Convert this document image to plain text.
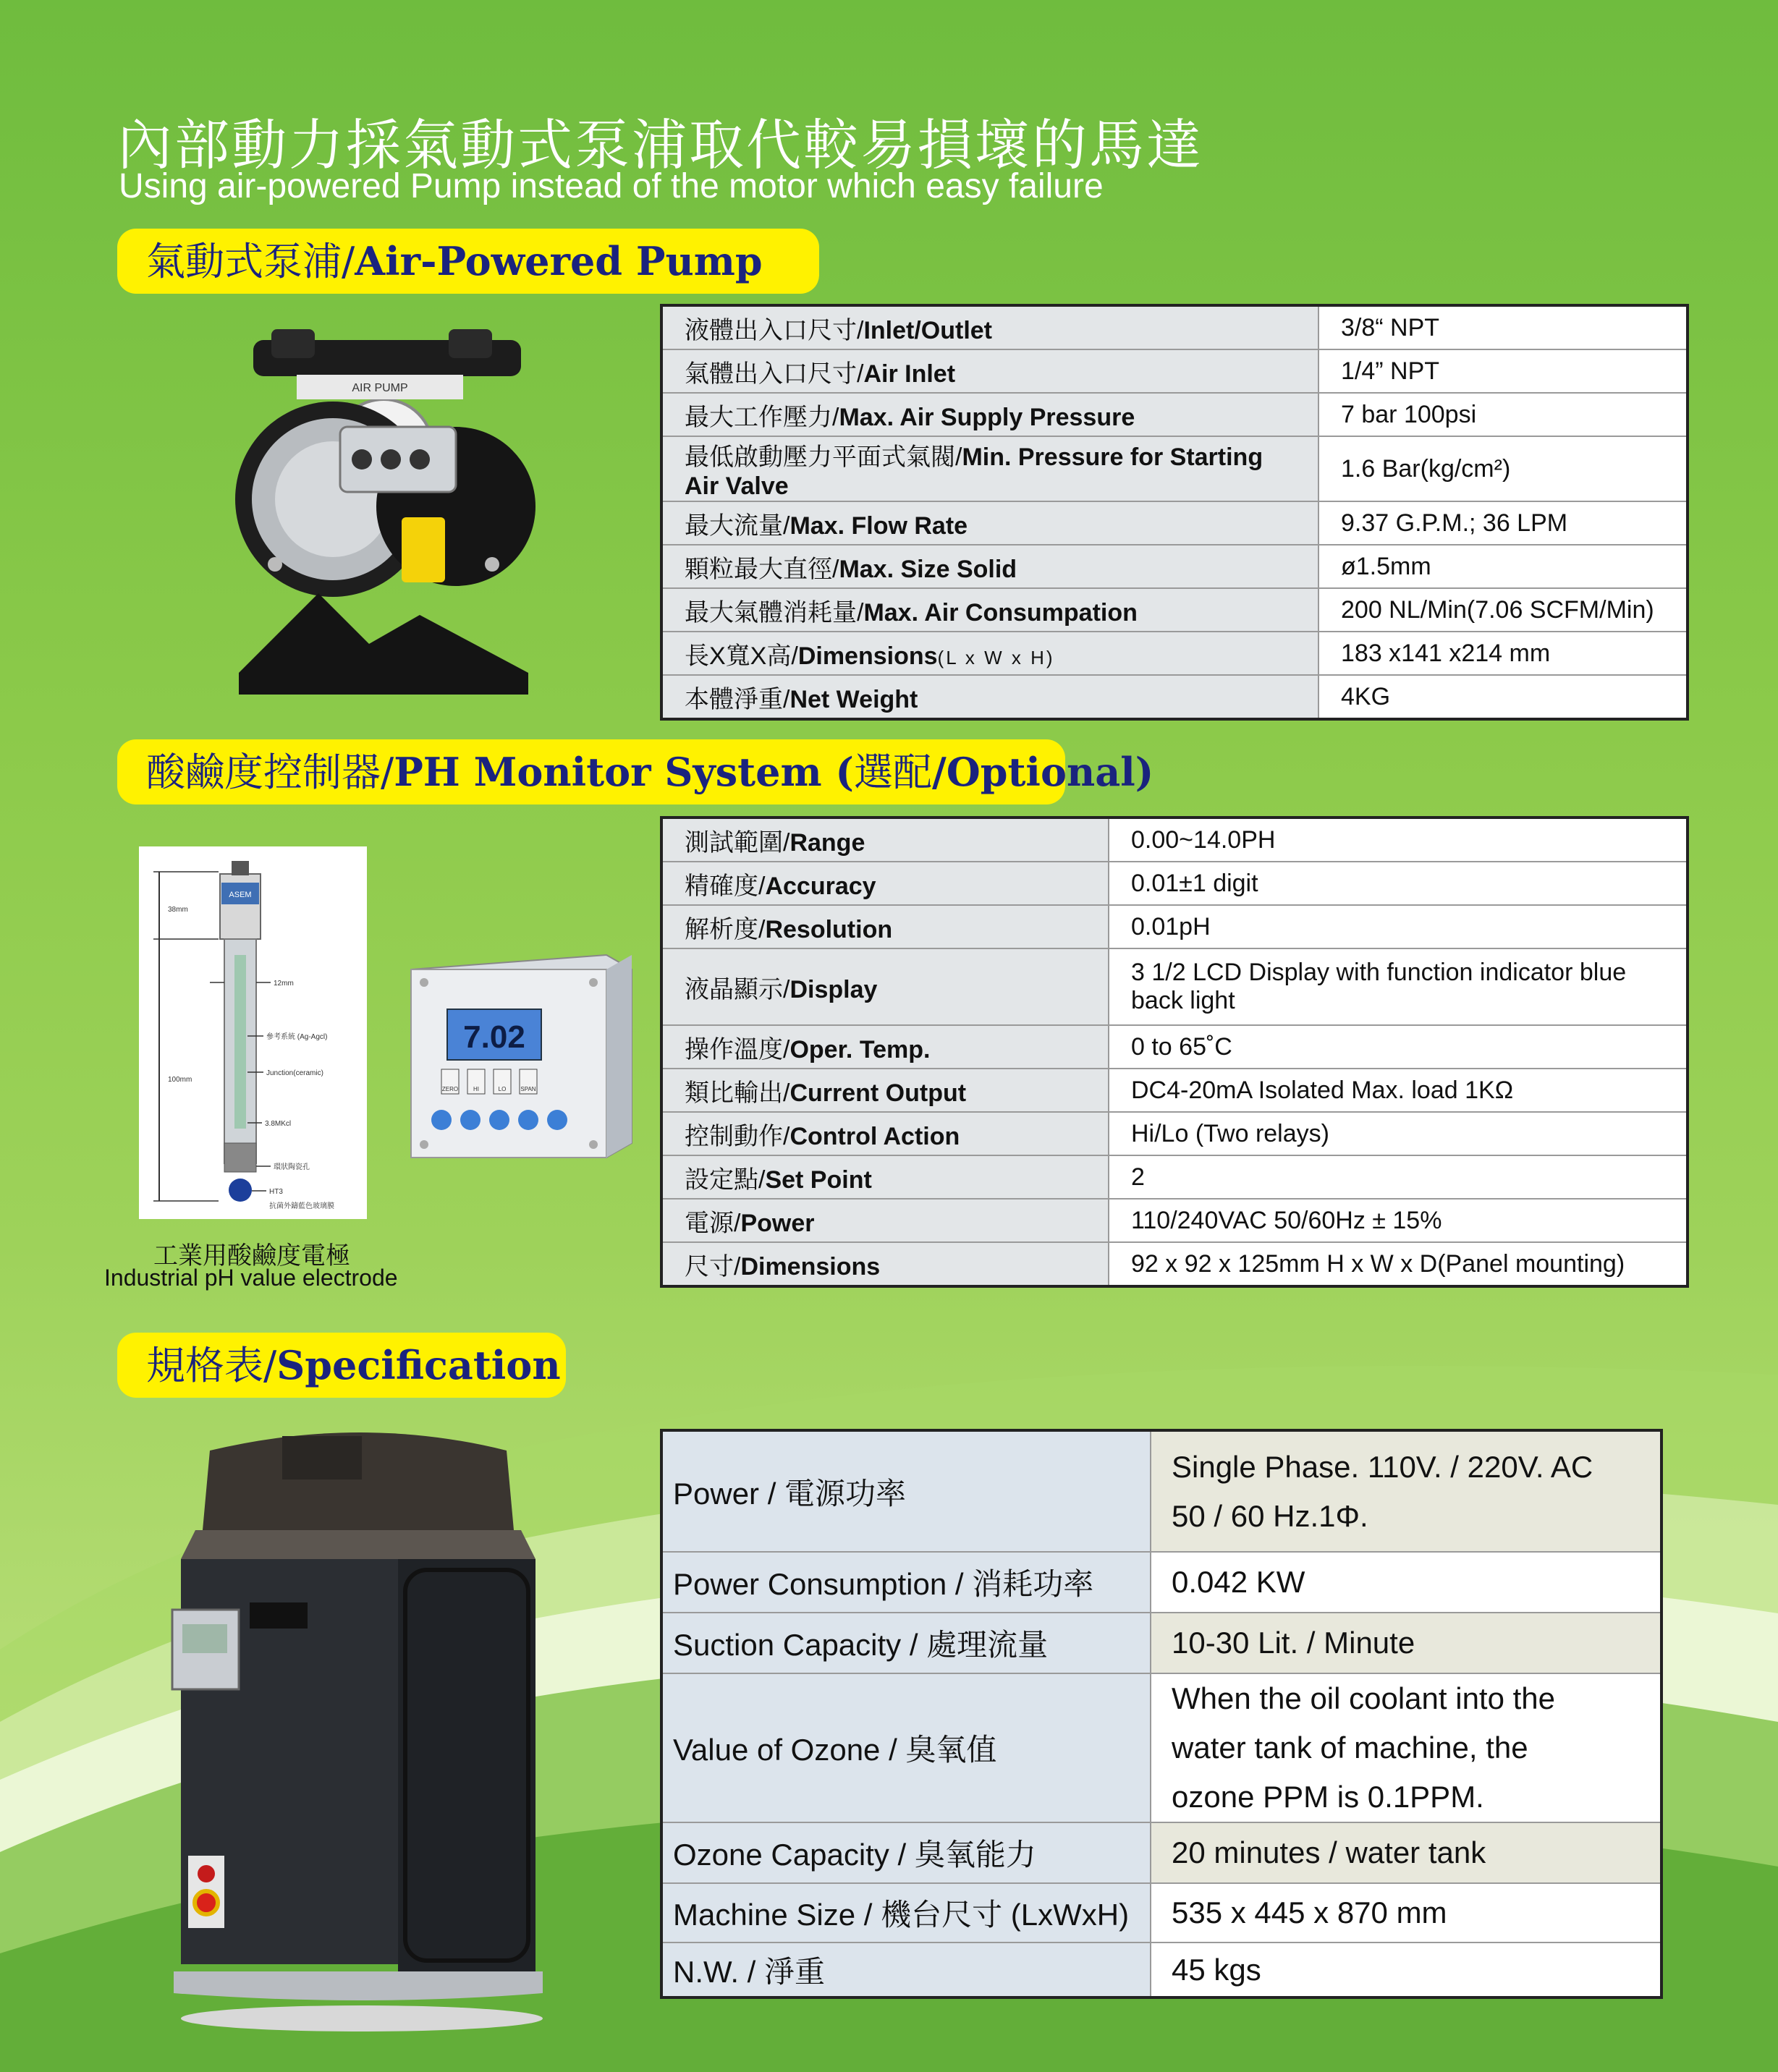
內部動力採氣動式泵浦取代較易損壞的馬達
Using air-powered Pump instead of the motor which easy failure
氣動式泵浦/Air-Powered Pump
AIR PUMP
液體出入口尺寸/Inlet/Outlet	3/8“ NPT
氣體出入口尺寸/Air Inlet	1/4” NPT
最大工作壓力/Max. Air Supply Pressure	7 bar 100psi
最低啟動壓力平面式氣閥/Min. Pressure for Starting Air Valve	1.6 Bar(kg/cm²)
最大流量/Max. Flow Rate	9.37 G.P.M.; 36 LPM
顆粒最大直徑/Max. Size Solid	ø1.5mm
最大氣體消耗量/Max. Air Consumpation	200 NL/Min(7.06 SCFM/Min)
長X寬X高/Dimensions(L x W x H)	183 x141 x214 mm
本體淨重/Net Weight	4KG
酸鹼度控制器/PH Monitor System (選配/Optional)
ASEM
38mm
100mm
12mm
參考系統 (Ag-Agcl)
Junction(ceramic)
3.8MKcl
環狀陶瓷孔
HT3
抗菌外鑄藍色玻璃膜
7.02
ZERO	HI	LO	SPAN
工業用酸鹼度電極
Industrial pH value electrode
測試範圍/Range	0.00~14.0PH
精確度/Accuracy	0.01±1 digit
解析度/Resolution	0.01pH
液晶顯示/Display	3 1/2 LCD Display with function indicator blue back light
操作溫度/Oper. Temp.	0 to 65˚C
類比輸出/Current Output	DC4-20mA Isolated Max. load 1KΩ
控制動作/Control Action	Hi/Lo (Two relays)
設定點/Set Point	2
電源/Power	110/240VAC 50/60Hz ± 15%
尺寸/Dimensions	92 x 92 x 125mm H x W x D(Panel mounting)
規格表/Specification
Power / 電源功率	Single Phase. 110V. / 220V. AC
50 / 60 Hz.1Φ.

Power Consumption / 消耗功率	0.042 KW

Suction Capacity / 處理流量	10-30 Lit. / Minute

Value of Ozone / 臭氧值	When the oil coolant into the
water tank of machine, the
ozone PPM is 0.1PPM.

Ozone Capacity / 臭氧能力	20 minutes / water tank

Machine Size / 機台尺寸 (LxWxH)	535 x 445 x 870 mm

N.W. / 淨重	45 kgs
